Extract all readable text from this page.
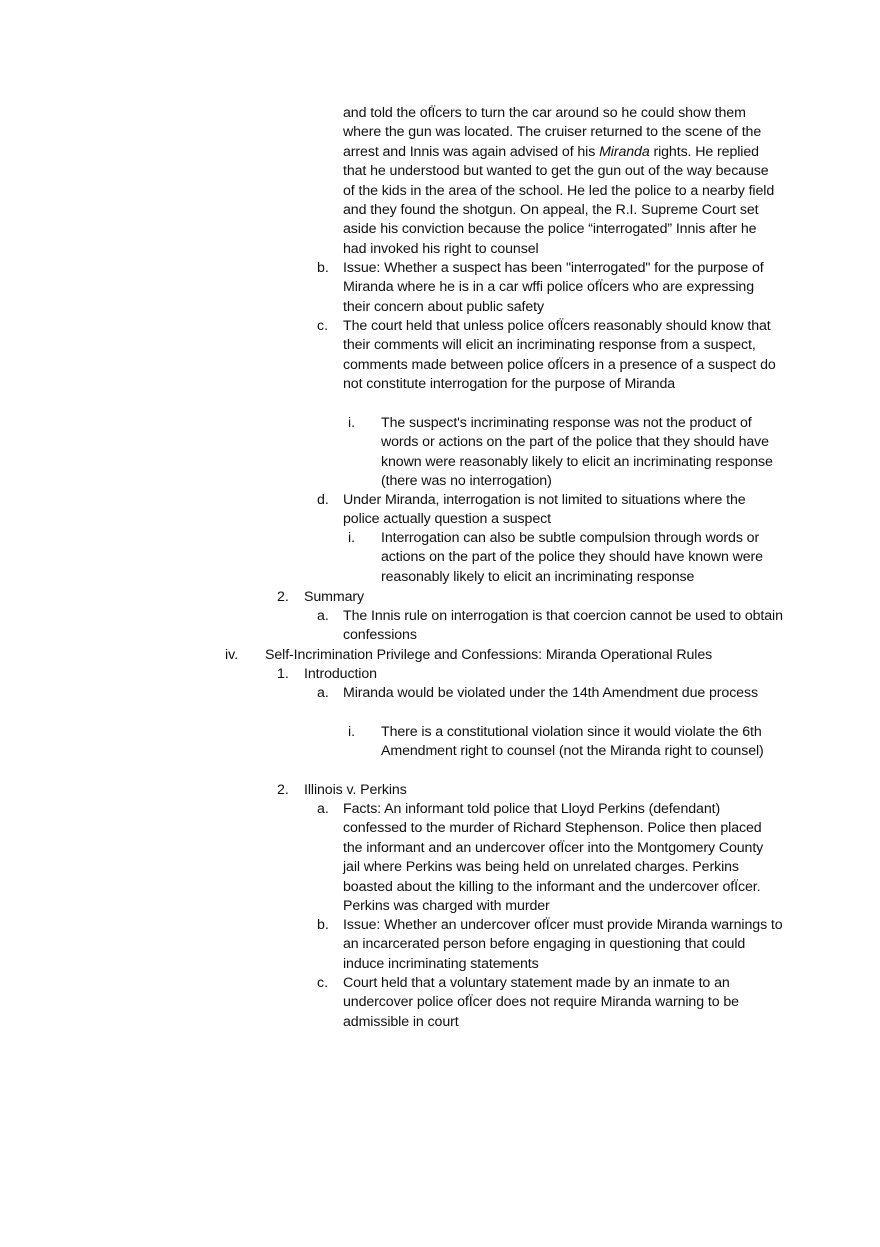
and told the ofÏcers to turn the car around so he could show them where the gun was located. The cruiser returned to the scene of the arrest and Innis was again advised of his Miranda rights. He replied that he understood but wanted to get the gun out of the way because of the kids in the area of the school. He led the police to a nearby field and they found the shotgun. On appeal, the R.I. Supreme Court set aside his conviction because the police “interrogated” Innis after he had invoked his right to counsel
b. Issue: Whether a suspect has been "interrogated" for the purpose of Miranda where he is in a car wffi police ofÏcers who are expressing their concern about public safety
c. The court held that unless police ofÏcers reasonably should know that their comments will elicit an incriminating response from a suspect, comments made between police ofÏcers in a presence of a suspect do not constitute interrogation for the purpose of Miranda
i. The suspect's incriminating response was not the product of words or actions on the part of the police that they should have known were reasonably likely to elicit an incriminating response (there was no interrogation)
d. Under Miranda, interrogation is not limited to situations where the police actually question a suspect
i. Interrogation can also be subtle compulsion through words or actions on the part of the police they should have known were reasonably likely to elicit an incriminating response
2. Summary
a. The Innis rule on interrogation is that coercion cannot be used to obtain confessions
iv. Self-Incrimination Privilege and Confessions: Miranda Operational Rules
1. Introduction
a. Miranda would be violated under the 14th Amendment due process
i. There is a constitutional violation since it would violate the 6th Amendment right to counsel (not the Miranda right to counsel)
2. Illinois v. Perkins
a. Facts: An informant told police that Lloyd Perkins (defendant) confessed to the murder of Richard Stephenson. Police then placed the informant and an undercover ofÏcer into the Montgomery County jail where Perkins was being held on unrelated charges. Perkins boasted about the killing to the informant and the undercover ofÏcer. Perkins was charged with murder
b. Issue: Whether an undercover ofÏcer must provide Miranda warnings to an incarcerated person before engaging in questioning that could induce incriminating statements
c. Court held that a voluntary statement made by an inmate to an undercover police ofÏcer does not require Miranda warning to be admissible in court
